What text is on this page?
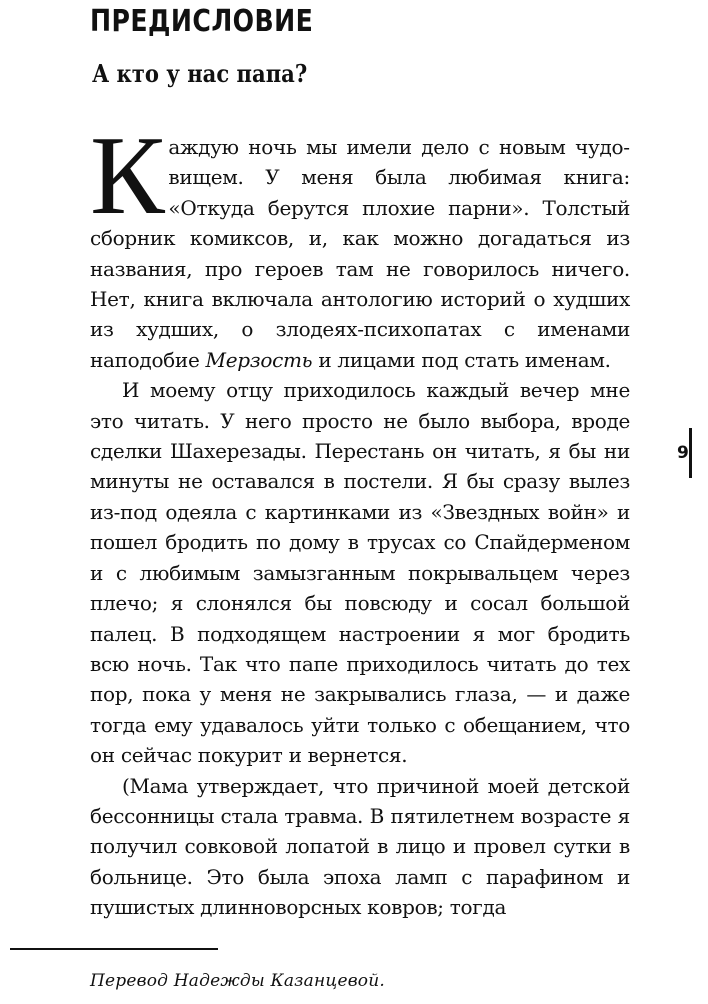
ПРЕДИСЛОВИЕ
А кто у нас папа?

Каждую ночь мы имели дело с новым чудовищем. У меня была любимая книга: «Откуда берутся плохие парни». Толстый сборник комиксов, и, как можно догадаться из названия, про героев там не говорилось ничего. Нет, книга включала антологию историй о худших из худших, о злодеях-психопатах с именами наподобие Мерзость и лицами под стать именам.

И моему отцу приходилось каждый вечер мне это читать. У него просто не было выбора, вроде сделки Шахерезады. Перестань он читать, я бы ни минуты не оставался в постели. Я бы сразу вылез из-под одеяла с картинками из «Звездных войн» и пошел бродить по дому в трусах со Спайдерменом и с любимым замызганным покрывальцем через плечо; я слонялся бы повсюду и сосал большой палец. В подходящем настроении я мог бродить всю ночь. Так что папе приходилось читать до тех пор, пока у меня не закрывались глаза, — и даже тогда ему удавалось уйти только с обещанием, что он сейчас покурит и вернется.

(Мама утверждает, что причиной моей детской бессонницы стала травма. В пятилетнем возрасте я получил совковой лопатой в лицо и провел сутки в больнице. Это была эпоха ламп с парафином и пушистых длинноворсных ковров; тогда

9

Перевод Надежды Казанцевой.
